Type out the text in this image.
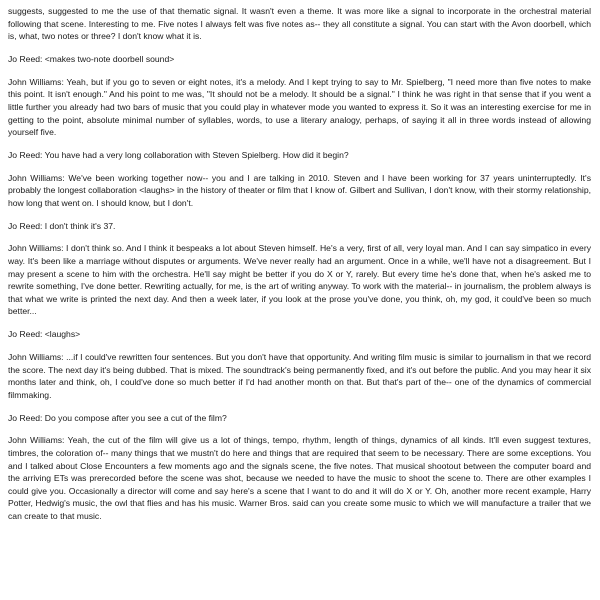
suggests, suggested to me the use of that thematic signal. It wasn't even a theme. It was more like a signal to incorporate in the orchestral material following that scene. Interesting to me. Five notes I always felt was five notes as-- they all constitute a signal. You can start with the Avon doorbell, which is, what, two notes or three? I don't know what it is.

Jo Reed: <makes two-note doorbell sound>

John Williams: Yeah, but if you go to seven or eight notes, it's a melody. And I kept trying to say to Mr. Spielberg, "I need more than five notes to make this point. It isn't enough." And his point to me was, "It should not be a melody. It should be a signal." I think he was right in that sense that if you went a little further you already had two bars of music that you could play in whatever mode you wanted to express it. So it was an interesting exercise for me in getting to the point, absolute minimal number of syllables, words, to use a literary analogy, perhaps, of saying it all in three words instead of allowing yourself five.

Jo Reed: You have had a very long collaboration with Steven Spielberg. How did it begin?

John Williams: We've been working together now-- you and I are talking in 2010. Steven and I have been working for 37 years uninterruptedly. It's probably the longest collaboration <laughs> in the history of theater or film that I know of. Gilbert and Sullivan, I don't know, with their stormy relationship, how long that went on. I should know, but I don't.

Jo Reed: I don't think it's 37.

John Williams: I don't think so. And I think it bespeaks a lot about Steven himself. He's a very, first of all, very loyal man. And I can say simpatico in every way. It's been like a marriage without disputes or arguments. We've never really had an argument. Once in a while, we'll have not a disagreement. But I may present a scene to him with the orchestra. He'll say might be better if you do X or Y, rarely. But every time he's done that, when he's asked me to rewrite something, I've done better. Rewriting actually, for me, is the art of writing anyway. To work with the material-- in journalism, the problem always is that what we write is printed the next day. And then a week later, if you look at the prose you've done, you think, oh, my god, it could've been so much better...

Jo Reed: <laughs>

John Williams: ...if I could've rewritten four sentences. But you don't have that opportunity. And writing film music is similar to journalism in that we record the score. The next day it's being dubbed. That is mixed. The soundtrack's being permanently fixed, and it's out before the public. And you may hear it six months later and think, oh, I could've done so much better if I'd had another month on that. But that's part of the-- one of the dynamics of commercial filmmaking.

Jo Reed: Do you compose after you see a cut of the film?

John Williams: Yeah, the cut of the film will give us a lot of things, tempo, rhythm, length of things, dynamics of all kinds. It'll even suggest textures, timbres, the coloration of-- many things that we mustn't do here and things that are required that seem to be necessary. There are some exceptions. You and I talked about Close Encounters a few moments ago and the signals scene, the five notes. That musical shootout between the computer board and the arriving ETs was prerecorded before the scene was shot, because we needed to have the music to shoot the scene to. There are other examples I could give you. Occasionally a director will come and say here's a scene that I want to do and it will do X or Y. Oh, another more recent example, Harry Potter, Hedwig's music, the owl that flies and has his music. Warner Bros. said can you create some music to which we will manufacture a trailer that we can create to that music.
